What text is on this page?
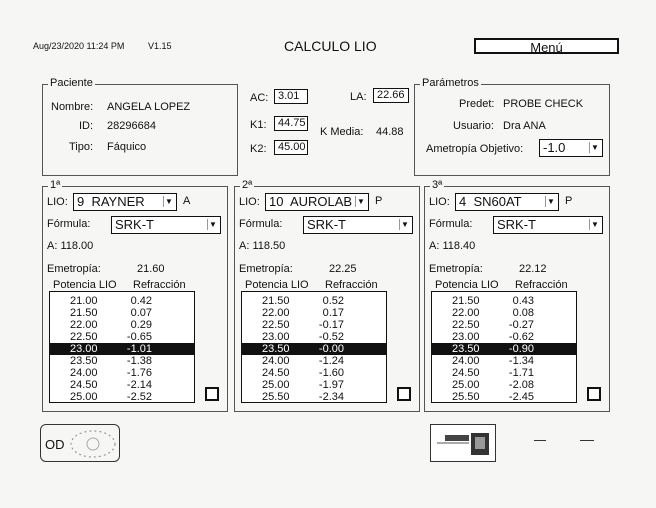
Aug/23/2020 11:24 PM	V1.15	CALCULO LIO	Menú
Paciente
Nombre: ANGELA LOPEZ
ID: 28296684
Tipo: Fáquico
AC: 3.01	LA: 22.66
K1:	44.75
K Media: 44.88
K2:	45.00
Parámetros
Predet: PROBE CHECK
Usuario: Dra ANA
Ametropía Objetivo:	-1.0	▼
1ª
LIO: 9  RAYNER	▼ A
Fórmula:	SRK-T	▼
A: 118.00
Emetropía:	21.60
Potencia LIO Refracción
21.00	0.42
21.50	0.07
22.00	0.29
22.50	-0.65
23.00	-1.01
23.50	-1.38
24.00	-1.76
24.50	-2.14
25.00	-2.52
2ª
LIO: 10  AUROLAB ▼ P
Fórmula:	SRK-T	▼
A: 118.50
Emetropía:	22.25
Potencia LIO Refracción
21.50	0.52
22.00	0.17
22.50	-0.17
23.00	-0.52
23.50	-0.00
24.00	-1.24
24.50	-1.60
25.00	-1.97
25.50	-2.34
3ª
LIO: 4  SN60AT	▼ P
Fórmula:	SRK-T	▼
A: 118.40
Emetropía:	22.12
Potencia LIO Refracción
21.50	0.43
22.00	0.08
22.50	-0.27
23.00	-0.62
23.50	-0.90
24.00	-1.34
24.50	-1.71
25.00	-2.08
25.50	-2.45
OD
